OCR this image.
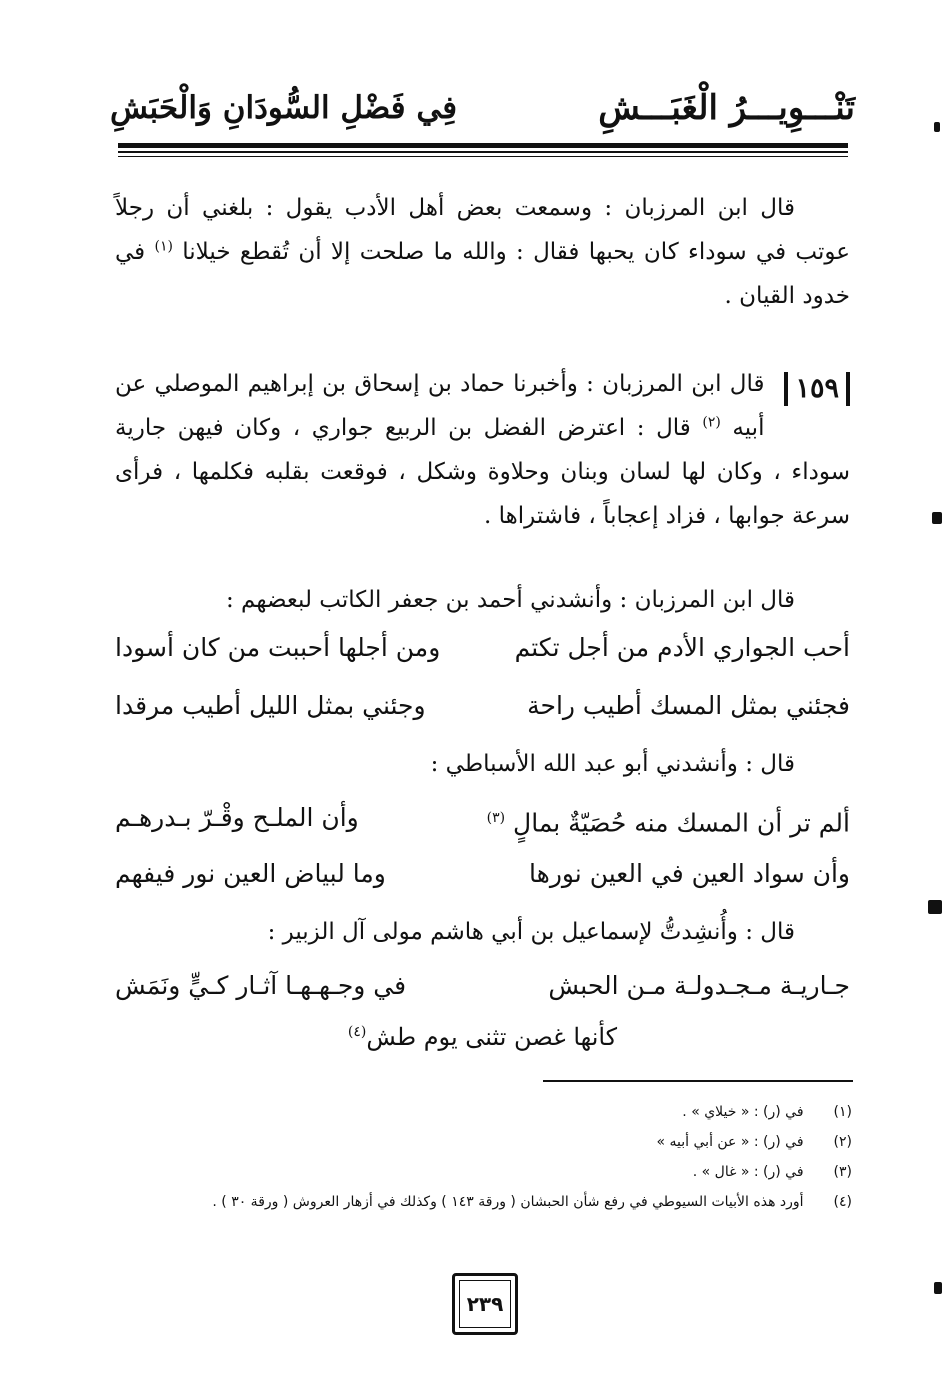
تَنْـــوِيـــرُ الْغَبَـــشِ
فِي فَضْلِ السُّودَانِ وَالْحَبَشِ
قال ابن المرزبان : وسمعت بعض أهل الأدب يقول : بلغني أن رجلاً عوتب في سوداء كان يحبها فقال : والله ما صلحت إلا أن تُقطع خيلانا $^{(١)}$ في خدود القيان .
١٥٩
قال ابن المرزبان : وأخبرنا حماد بن إسحاق بن إبراهيم الموصلي عن أبيه $^{(٢)}$ قال : اعترض الفضل بن الربيع جواري ، وكان فيهن جارية سوداء ، وكان لها لسان وبنان وحلاوة وشكل ، فوقعت بقلبه فكلمها ، فرأى سرعة جوابها ، فزاد إعجاباً ، فاشتراها .
قال ابن المرزبان : وأنشدني أحمد بن جعفر الكاتب لبعضهم :
أحب الجواري الأدم من أجل تكتم
ومن أجلها أحببت من كان أسودا
فجئني بمثل المسك أطيب راحة
وجئني بمثل الليل أطيب مرقدا
قال : وأنشدني أبو عبد الله الأسباطي :
ألم تر أن المسك منه حُصَيّةٌ بمالٍ $^{(٣)}$
وأن الملـح وقْـرّ بـدرهـم
وأن سواد العين في العين نورها
وما لبياض العين نور فيفهم
قال : وأُنشِدتُّ لإسماعيل بن أبي هاشم مولى آل الزبير :
جـاريـة مـجـدولـة مـن الحبش
في وجـهـهـا آثـار كـيٍّ ونَمَش
كأنها غصن تثنى يوم طش$^{(٤)}$
(١) في (ر) : « خيلاي » .
(٢) في (ر) : « عن أبي أبيه »
(٣) في (ر) : « غال » .
(٤) أورد هذه الأبيات السيوطي في رفع شأن الحبشان ( ورقة ١٤٣ ) وكذلك في أزهار العروش ( ورقة ٣٠ ) .
٢٣٩
